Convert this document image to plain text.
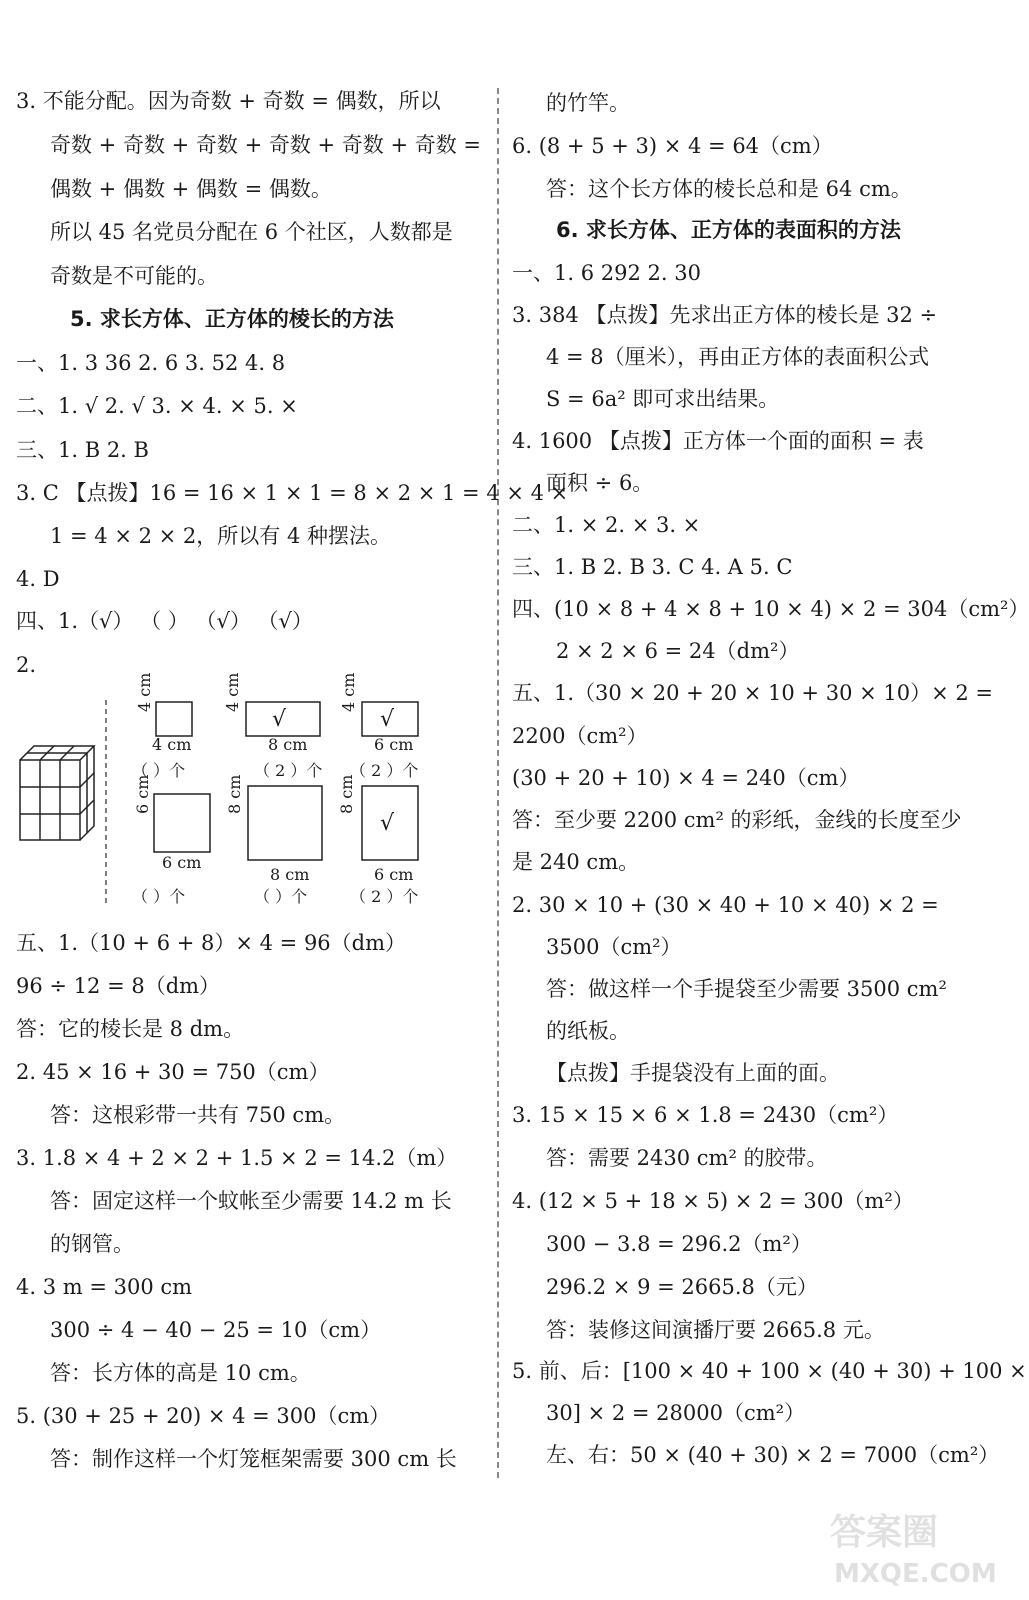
3. 不能分配。因为奇数 + 奇数 = 偶数，所以
奇数 + 奇数 + 奇数 + 奇数 + 奇数 + 奇数 =
偶数 + 偶数 + 偶数 = 偶数。
所以 45 名党员分配在 6 个社区，人数都是
奇数是不可能的。
5. 求长方体、正方体的棱长的方法
一、1. 3 36 2. 6 3. 52 4. 8
二、1. √ 2. √ 3. × 4. × 5. ×
三、1. B 2. B
3. C 【点拨】16 = 16 × 1 × 1 = 8 × 2 × 1 = 4 × 4 ×
1 = 4 × 2 × 2，所以有 4 种摆法。
4. D
四、1.（√） （ ） （√） （√）
2.
4 cm
4 cm
（ ）个
√
8 cm
4 cm
（ 2 ）个
√
6 cm
4 cm
（ 2 ）个
6 cm
6 cm
（ ）个
8 cm
8 cm
（ ）个
√
6 cm
8 cm
（ 2 ）个
五、1.（10 + 6 + 8）× 4 = 96（dm）
96 ÷ 12 = 8（dm）
答：它的棱长是 8 dm。
2. 45 × 16 + 30 = 750（cm）
答：这根彩带一共有 750 cm。
3. 1.8 × 4 + 2 × 2 + 1.5 × 2 = 14.2（m）
答：固定这样一个蚊帐至少需要 14.2 m 长
的钢管。
4. 3 m = 300 cm
300 ÷ 4 − 40 − 25 = 10（cm）
答：长方体的高是 10 cm。
5. (30 + 25 + 20) × 4 = 300（cm）
答：制作这样一个灯笼框架需要 300 cm 长
的竹竿。
6. (8 + 5 + 3) × 4 = 64（cm）
答：这个长方体的棱长总和是 64 cm。
6. 求长方体、正方体的表面积的方法
一、1. 6 292 2. 30
3. 384 【点拨】先求出正方体的棱长是 32 ÷
4 = 8（厘米），再由正方体的表面积公式
S = 6a² 即可求出结果。
4. 1600 【点拨】正方体一个面的面积 = 表
面积 ÷ 6。
二、1. × 2. × 3. ×
三、1. B 2. B 3. C 4. A 5. C
四、(10 × 8 + 4 × 8 + 10 × 4) × 2 = 304（cm²）
2 × 2 × 6 = 24（dm²）
五、1.（30 × 20 + 20 × 10 + 30 × 10）× 2 =
2200（cm²）
(30 + 20 + 10) × 4 = 240（cm）
答：至少要 2200 cm² 的彩纸，金线的长度至少
是 240 cm。
2. 30 × 10 + (30 × 40 + 10 × 40) × 2 =
3500（cm²）
答：做这样一个手提袋至少需要 3500 cm²
的纸板。
【点拨】手提袋没有上面的面。
3. 15 × 15 × 6 × 1.8 = 2430（cm²）
答：需要 2430 cm² 的胶带。
4. (12 × 5 + 18 × 5) × 2 = 300（m²）
300 − 3.8 = 296.2（m²）
296.2 × 9 = 2665.8（元）
答：装修这间演播厅要 2665.8 元。
5. 前、后：[100 × 40 + 100 × (40 + 30) + 100 ×
30] × 2 = 28000（cm²）
左、右：50 × (40 + 30) × 2 = 7000（cm²）
答案圈
MXQE.COM
